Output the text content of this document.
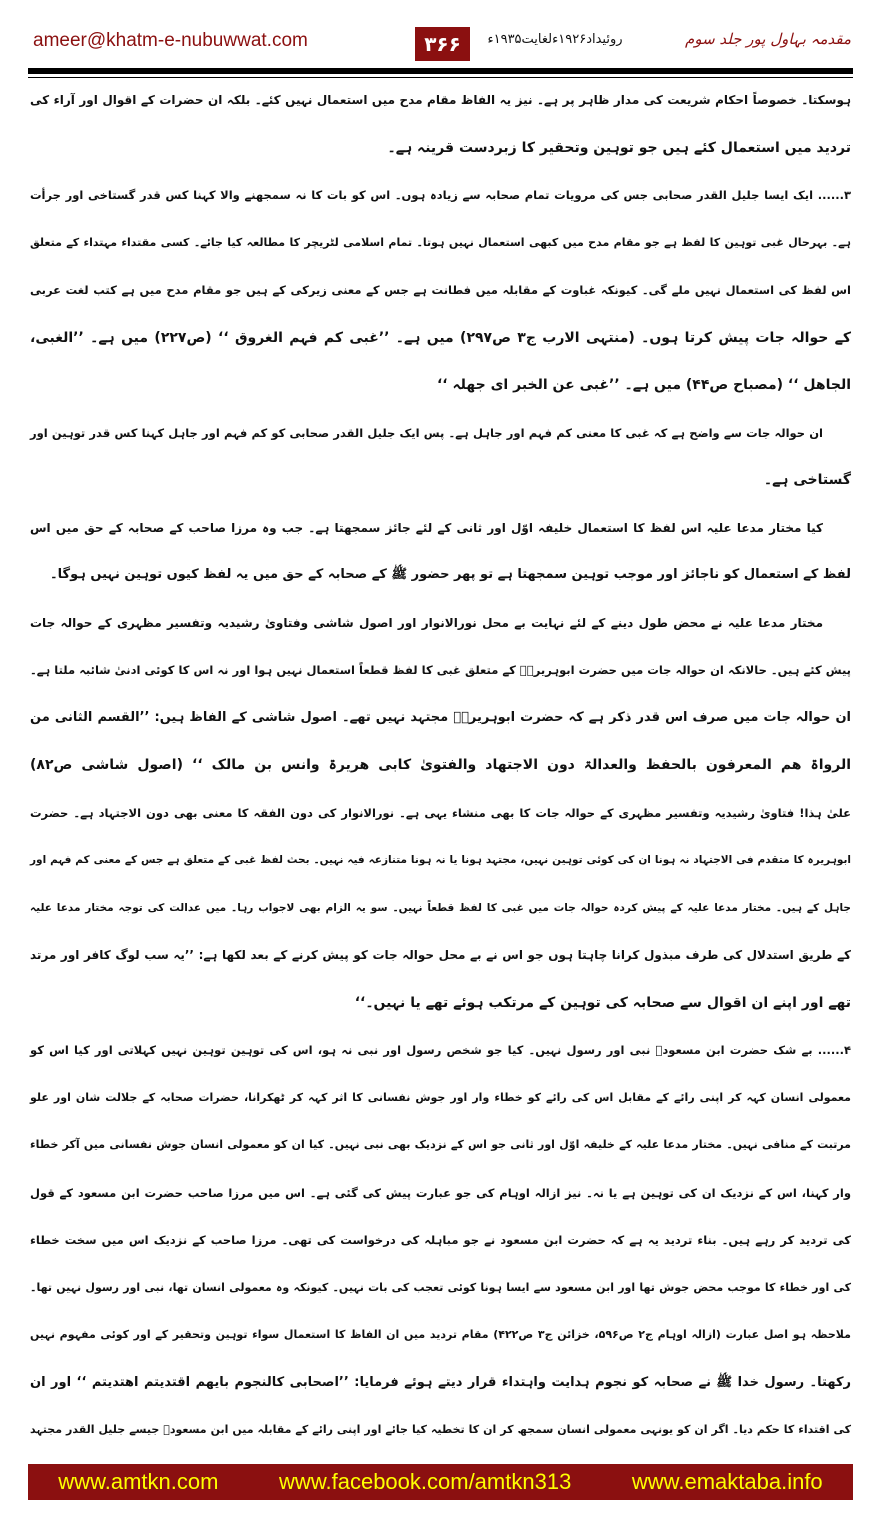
ameer@khatm-e-nubuwwat.com	۳۶۶	روئیداد۱۹۲۶ءلغایت۱۹۳۵ء	مقدمہ بہاول پور جلد سوم
ہوسکتا۔ خصوصاً احکام شریعت کی مدار ظاہر پر ہے۔ نیز یہ الفاظ مقام مدح میں استعمال نہیں کئے۔ بلکہ ان حضرات کے اقوال اور آراء کی
تردید میں استعمال کئے ہیں جو توہین وتحقیر کا زبردست قرینہ ہے۔
۳...... ایک ایسا جلیل القدر صحابی جس کی مرویات تمام صحابہ سے زیادہ ہوں۔ اس کو بات کا نہ سمجھنے والا کہنا کس قدر گستاخی اور جرأت
ہے۔ بہرحال غبی توہین کا لفظ ہے جو مقام مدح میں کبھی استعمال نہیں ہوتا۔ تمام اسلامی لٹریچر کا مطالعہ کیا جائے۔ کسی مقتداء مہتداء کے متعلق
اس لفظ کی استعمال نہیں ملے گی۔ کیونکہ غباوت کے مقابلہ میں فطانت ہے جس کے معنی زیرکی کے ہیں جو مقام مدح میں ہے کتب لغت عربی
کے حوالہ جات پیش کرتا ہوں۔ (منتہی الارب ج۳ ص۲۹۷) میں ہے۔ ’’غبی کم فہم الغروق ‘‘ (ص۲۲۷) میں ہے۔ ’’الغبی،
الجاھل ‘‘ (مصباح ص۴۴) میں ہے۔ ’’غبی عن الخبر ای جھلہ ‘‘
ان حوالہ جات سے واضح ہے کہ غبی کا معنی کم فہم اور جاہل ہے۔ پس ایک جلیل القدر صحابی کو کم فہم اور جاہل کہنا کس قدر توہین اور
گستاخی ہے۔
کیا مختار مدعا علیہ اس لفظ کا استعمال خلیفہ اوّل اور ثانی کے لئے جائز سمجھتا ہے۔ جب وہ مرزا صاحب کے صحابہ کے حق میں اس
لفظ کے استعمال کو ناجائز اور موجب توہین سمجھتا ہے تو پھر حضور ﷺ کے صحابہ کے حق میں یہ لفظ کیوں توہین نہیں ہوگا۔
مختار مدعا علیہ نے محض طول دینے کے لئے نہایت بے محل نورالانوار اور اصول شاشی وفتاویٰ رشیدیہ وتفسیر مظہری کے حوالہ جات
پیش کئے ہیں۔ حالانکہ ان حوالہ جات میں حضرت ابوہریرہؓ کے متعلق غبی کا لفظ قطعاً استعمال نہیں ہوا اور نہ اس کا کوئی ادنیٰ شائبہ ملتا ہے۔
ان حوالہ جات میں صرف اس قدر ذکر ہے کہ حضرت ابوہریرہؓ مجتہد نہیں تھے۔ اصول شاشی کے الفاظ ہیں: ’’القسم الثانی من
الرواۃ ھم المعرفون بالحفظ والعدالۃ دون الاجتھاد والفتویٰ کابی ھریرۃ وانس بن مالک ‘‘ (اصول شاشی ص۸۲)
علیٰ ہذا! فتاویٰ رشیدیہ وتفسیر مظہری کے حوالہ جات کا بھی منشاء یہی ہے۔ نورالانوار کی دون الفقہ کا معنی بھی دون الاجتہاد ہے۔ حضرت
ابوہریرہ کا متقدم فی الاجتہاد نہ ہونا ان کی کوئی توہین نہیں، مجتہد ہونا یا نہ ہونا متنازعہ فیہ نہیں۔ بحث لفظ غبی کے متعلق ہے جس کے معنی کم فہم اور
جاہل کے ہیں۔ مختار مدعا علیہ کے پیش کردہ حوالہ جات میں غبی کا لفظ قطعاً نہیں۔ سو یہ الزام بھی لاجواب رہا۔ میں عدالت کی توجہ مختار مدعا علیہ
کے طریق استدلال کی طرف مبذول کرانا چاہتا ہوں جو اس نے بے محل حوالہ جات کو پیش کرنے کے بعد لکھا ہے: ’’یہ سب لوگ کافر اور مرتد
تھے اور اپنے ان اقوال سے صحابہ کی توہین کے مرتکب ہوئے تھے یا نہیں۔‘‘
۴...... بے شک حضرت ابن مسعودؓ نبی اور رسول نہیں۔ کیا جو شخص رسول اور نبی نہ ہو، اس کی توہین توہین نہیں کہلاتی اور کیا اس کو
معمولی انسان کہہ کر اپنی رائے کے مقابل اس کی رائے کو خطاء وار اور جوش نفسانی کا اثر کہہ کر ٹھکرانا، حضرات صحابہ کے جلالت شان اور علو
مرتبت کے منافی نہیں۔ مختار مدعا علیہ کے خلیفہ اوّل اور ثانی جو اس کے نزدیک بھی نبی نہیں۔ کیا ان کو معمولی انسان جوش نفسانی میں آکر خطاء
وار کہنا، اس کے نزدیک ان کی توہین ہے یا نہ۔ نیز ازالہ اوہام کی جو عبارت پیش کی گئی ہے۔ اس میں مرزا صاحب حضرت ابن مسعود کے قول
کی تردید کر رہے ہیں۔ بناء تردید یہ ہے کہ حضرت ابن مسعود نے جو مباہلہ کی درخواست کی تھی۔ مرزا صاحب کے نزدیک اس میں سخت خطاء
کی اور خطاء کا موجب محض جوش تھا اور ابن مسعود سے ایسا ہونا کوئی تعجب کی بات نہیں۔ کیونکہ وہ معمولی انسان تھا، نبی اور رسول نہیں تھا۔
ملاحظہ ہو اصل عبارت (ازالہ اوہام ج۲ ص۵۹۶، خزائن ج۳ ص۴۲۲) مقام تردید میں ان الفاظ کا استعمال سواء توہین وتحقیر کے اور کوئی مفہوم نہیں
رکھتا۔ رسول خدا ﷺ نے صحابہ کو نجوم ہدایت واہتداء قرار دیتے ہوئے فرمایا: ’’اصحابی کالنجوم بایھم اقتدیتم اھتدیتم ‘‘ اور ان
کی اقتداء کا حکم دیا۔ اگر ان کو یونہی معمولی انسان سمجھ کر ان کا تخطیہ کیا جائے اور اپنی رائے کے مقابلہ میں ابن مسعودؓ جیسے جلیل القدر مجتہد
www.amtkn.com	www.facebook.com/amtkn313	www.emaktaba.info
